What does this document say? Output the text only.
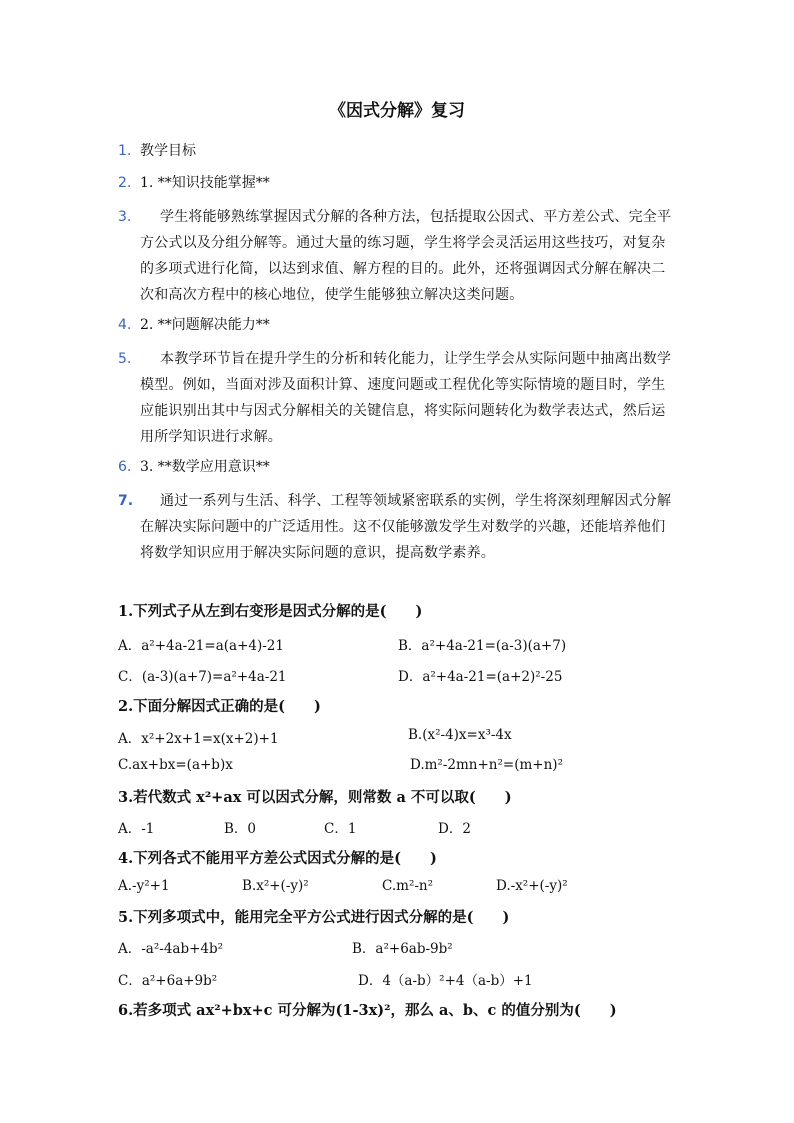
《因式分解》复习
1. 教学目标
2. 1. **知识技能掌握**
3.	学生将能够熟练掌握因式分解的各种方法，包括提取公因式、平方差公式、完全平方公式以及分组分解等。通过大量的练习题，学生将学会灵活运用这些技巧，对复杂的多项式进行化简，以达到求值、解方程的目的。此外，还将强调因式分解在解决二次和高次方程中的核心地位，使学生能够独立解决这类问题。
4. 2. **问题解决能力**
5.	本教学环节旨在提升学生的分析和转化能力，让学生学会从实际问题中抽离出数学模型。例如，当面对涉及面积计算、速度问题或工程优化等实际情境的题目时，学生应能识别出其中与因式分解相关的关键信息，将实际问题转化为数学表达式，然后运用所学知识进行求解。
6. 3. **数学应用意识**
7.	通过一系列与生活、科学、工程等领域紧密联系的实例，学生将深刻理解因式分解在解决实际问题中的广泛适用性。这不仅能够激发学生对数学的兴趣，还能培养他们将数学知识应用于解决实际问题的意识，提高数学素养。
1.下列式子从左到右变形是因式分解的是(　　)
A．a²+4a-21=a(a+4)-21	B．a²+4a-21=(a-3)(a+7)
C．(a-3)(a+7)=a²+4a-21	D．a²+4a-21=(a+2)²-25
2.下面分解因式正确的是(　　)
A．x²+2x+1=x(x+2)+1	B.(x²-4)x=x³-4x
C.ax+bx=(a+b)x	D.m²-2mn+n²=(m+n)²
3.若代数式 x²+ax 可以因式分解，则常数 a 不可以取(　　)
A．-1	B．0	C．1	D．2
4.下列各式不能用平方差公式因式分解的是(　　)
A.-y²+1	B.x²+(-y)²	C.m²-n²	D.-x²+(-y)²
5.下列多项式中，能用完全平方公式进行因式分解的是(　　)
A．-a²-4ab+4b²	B．a²+6ab-9b²
C．a²+6a+9b²	D．4（a-b）²+4（a-b）+1
6.若多项式 ax²+bx+c 可分解为(1-3x)²，那么 a、b、c 的值分别为(　　)
